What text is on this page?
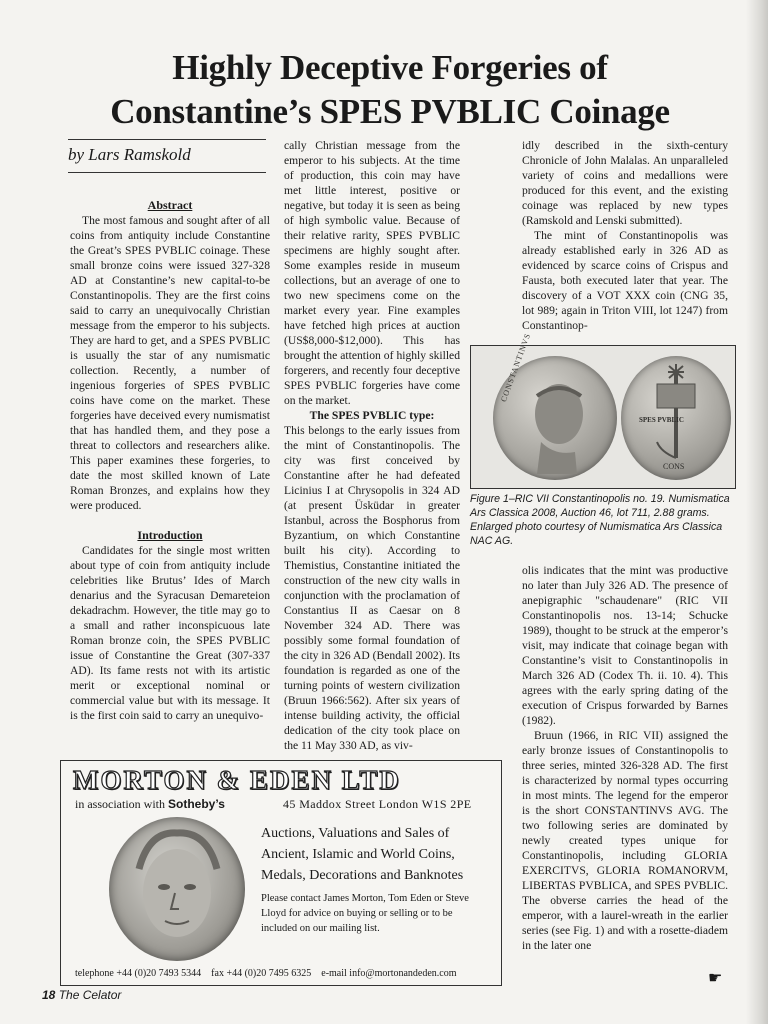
Highly Deceptive Forgeries of
Constantine’s SPES PVBLIC Coinage
by Lars Ramskold
Abstract

The most famous and sought after of all coins from antiquity include Constantine the Great’s SPES PVBLIC coinage. These small bronze coins were issued 327-328 AD at Constantine’s new capital-to-be Constantinopolis. They are the first coins said to carry an unequivocally Christian message from the emperor to his subjects. They are hard to get, and a SPES PVBLIC is usually the star of any numismatic collection. Recently, a number of ingenious forgeries of SPES PVBLIC coins have come on the market. These forgeries have deceived every numismatist that has handled them, and they pose a threat to collectors and researchers alike. This paper examines these forgeries, to date the most skilled known of Late Roman Bronzes, and explains how they were produced.

Introduction

Candidates for the single most written about type of coin from antiquity include celebrities like Brutus’ Ides of March denarius and the Syracusan Demareteion dekadrachm. However, the title may go to a small and rather inconspicuous late Roman bronze coin, the SPES PVBLIC issue of Constantine the Great (307-337 AD). Its fame rests not with its artistic merit or exceptional nominal or commercial value but with its message. It is the first coin said to carry an unequivo-

cally Christian message from the emperor to his subjects. At the time of production, this coin may have met little interest, positive or negative, but today it is seen as being of high symbolic value. Because of their relative rarity, SPES PVBLIC specimens are highly sought after. Some examples reside in museum collections, but an average of one to two new specimens come on the market every year. Fine examples have fetched high prices at auction (US$8,000-$12,000). This has brought the attention of highly skilled forgerers, and recently four deceptive SPES PVBLIC forgeries have come on the market.

The SPES PVBLIC type:

This belongs to the early issues from the mint of Constantinopolis. The city was first conceived by Constantine after he had defeated Licinius I at Chrysopolis in 324 AD (at present Üsküdar in greater Istanbul, across the Bosphorus from Byzantium, on which Constantine built his city). According to Themistius, Constantine initiated the construction of the new city walls in conjunction with the proclamation of Constantius II as Caesar on 8 November 324 AD. There was possibly some formal foundation of the city in 326 AD (Bendall 2002). Its foundation is regarded as one of the turning points of western civilization (Bruun 1966:562). After six years of intense building activity, the official dedication of the city took place on the 11 May 330 AD, as viv-

idly described in the sixth-century Chronicle of John Malalas. An unparalleled variety of coins and medallions were produced for this event, and the existing coinage was replaced by new types (Ramskold and Lenski submitted).

The mint of Constantinopolis was already established early in 326 AD as evidenced by scarce coins of Crispus and Fausta, both executed later that year. The discovery of a VOT XXX coin (CNG 35, lot 989; again in Triton VIII, lot 1247) from Constantinop-

CONSTANTINVS
SPES PVBLIC
CONS
Figure 1–RIC VII Constantinopolis no. 19. Numismatica Ars Classica 2008, Auction 46, lot 711, 2.88 grams. Enlarged photo courtesy of Numismatica Ars Classica NAC AG.

olis indicates that the mint was productive no later than July 326 AD. The presence of anepigraphic "schaudenare" (RIC VII Constantinopolis nos. 13-14; Schucke 1989), thought to be struck at the emperor’s visit, may indicate that coinage began with Constantine’s visit to Constantinopolis in March 326 AD (Codex Th. ii. 10. 4). This agrees with the early spring dating of the execution of Crispus forwarded by Barnes (1982).

Bruun (1966, in RIC VII) assigned the early bronze issues of Constantinopolis to three series, minted 326-328 AD. The first is characterized by normal types occurring in most mints. The legend for the emperor is the short CONSTANTINVS AVG. The two following series are dominated by newly created types unique for Constantinopolis, including GLORIA EXERCITVS, GLORIA ROMANORVM, LIBERTAS PVBLICA, and SPES PVBLIC. The obverse carries the head of the emperor, with a laurel-wreath in the earlier series (see Fig. 1) and with a rosette-diadem in the later one

MORTON & EDEN LTD
in association with Sotheby’s	45 Maddox Street London W1S 2PE
Auctions, Valuations and Sales of Ancient, Islamic and World Coins, Medals, Decorations and Banknotes
Please contact James Morton, Tom Eden or Steve Lloyd for advice on buying or selling or to be included on our mailing list.
telephone +44 (0)20 7493 5344 fax +44 (0)20 7495 6325 e-mail info@mortonandeden.com	☛
18 The Celator
